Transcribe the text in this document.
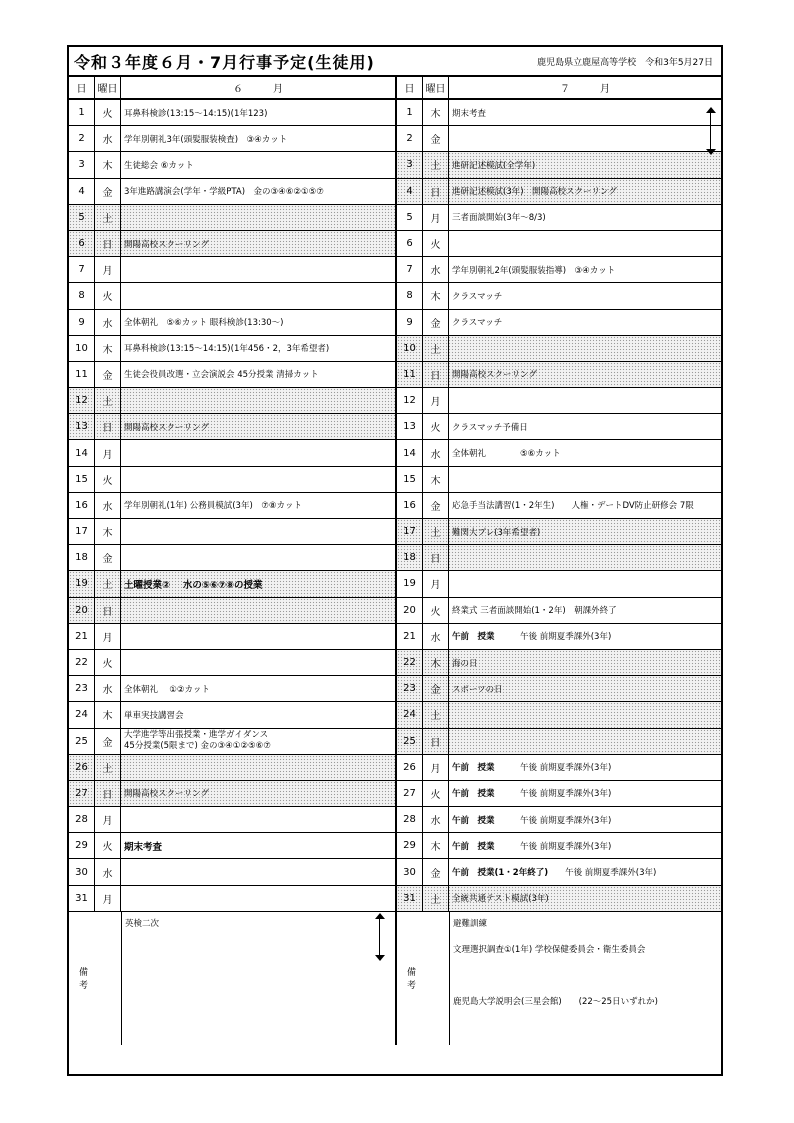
令和３年度６月・7月行事予定(生徒用)	鹿児島県立鹿屋高等学校　令和3年5月27日
日	曜日	６　　　月
1	火	耳鼻科検診(13:15～14:15)(1年123)
2	水	学年別朝礼3年(頭髪服装検査)　③④カット
3	木	生徒総会 ⑥カット
4	金	3年進路講演会(学年・学級PTA)　金の③④⑥②①⑤⑦
5	土
6	日	開陽高校スクーリング
7	月
8	火
9	水	全体朝礼　⑤⑥カット 眼科検診(13:30～)
10	木	耳鼻科検診(13:15～14:15)(1年456・2，3年希望者)
11	金	生徒会役員改選・立会演説会 45分授業 清掃カット
12	土
13	日	開陽高校スクーリング
14	月
15	火
16	水	学年別朝礼(1年) 公務員模試(3年)　⑦⑧カット
17	木
18	金
19	土	土曜授業②　 水の⑤⑥⑦⑧の授業
20	日
21	月
22	火
23	水	全体朝礼　 ①②カット
24	木	単車実技講習会
25	金
大学進学等出張授業・進学ガイダンス
45分授業(5限まで) 金の③④①②⑤⑥⑦
26	土
27	日	開陽高校スクーリング
28	月
29	火	期末考査
30	水
31	月
備考
英検二次
日	曜日	７　　　月
1	木	期末考査
2	金
3	土	進研記述模試(全学年)
4	日	進研記述模試(3年)　開陽高校スクーリング
5	月	三者面談開始(3年～8/3)
6	火
7	水	学年別朝礼2年(頭髪服装指導)　③④カット
8	木	クラスマッチ
9	金	クラスマッチ
10	土
11	日	開陽高校スクーリング
12	月
13	火	クラスマッチ予備日
14	水	全体朝礼　　　　⑤⑥カット
15	木
16	金	応急手当法講習(1・2年生)　　人権・デートDV防止研修会 7限
17	土	難関大プレ(3年希望者)
18	日
19	月
20	火	終業式 三者面談開始(1・2年)　朝課外終了
21	水	午前　授業 　　　午後 前期夏季課外(3年)
22	木	海の日
23	金	スポーツの日
24	土
25	日
26	月	午前　授業 　　　午後 前期夏季課外(3年)
27	火	午前　授業 　　　午後 前期夏季課外(3年)
28	水	午前　授業 　　　午後 前期夏季課外(3年)
29	木	午前　授業 　　　午後 前期夏季課外(3年)
30	金	午前　授業(1・2年終了) 　　午後 前期夏季課外(3年)
31	土	全統共通テスト模試(3年)
備考
避難訓練
文理選択調査①(1年) 学校保健委員会・衛生委員会
鹿児島大学説明会(三星会館)　　(22～25日いずれか)
